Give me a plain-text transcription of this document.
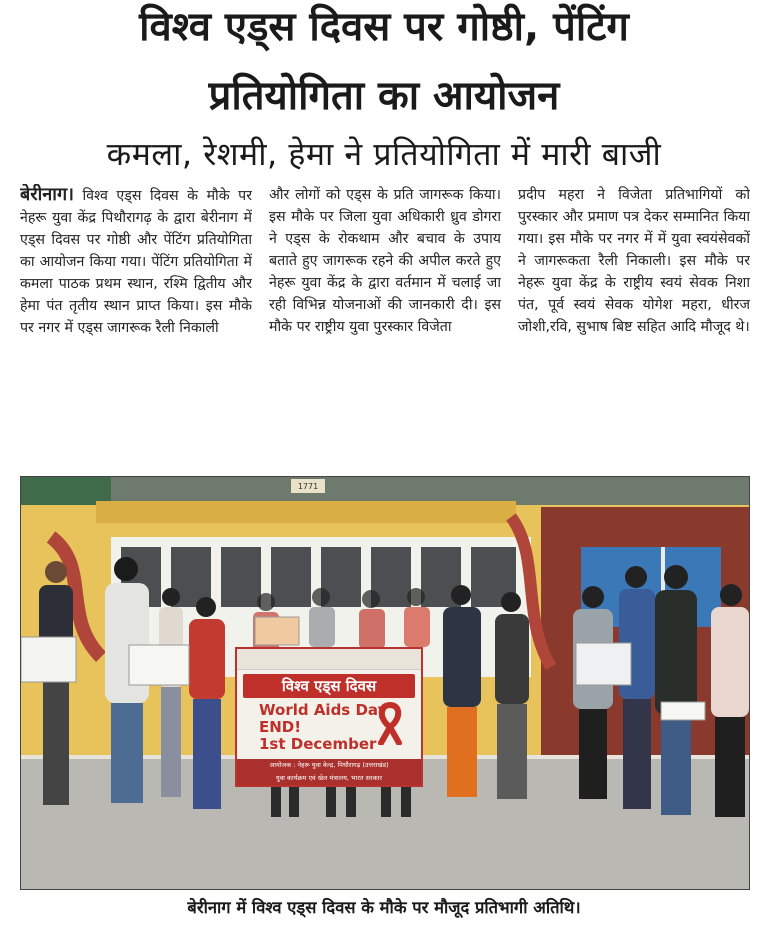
विश्व एड्स दिवस पर गोष्ठी, पेंटिंग
प्रतियोगिता का आयोजन
कमला, रेशमी, हेमा ने प्रतियोगिता में मारी बाजी
बेरीनाग। विश्व एड्स दिवस के मौके पर नेहरू युवा केंद्र पिथौरागढ़ के द्वारा बेरीनाग में एड्स दिवस पर गोष्ठी और पेंटिंग प्रतियोगिता का आयोजन किया गया। पेंटिंग प्रतियोगिता में कमला पाठक प्रथम स्थान, रश्मि द्वितीय और हेमा पंत तृतीय स्थान प्राप्त किया। इस मौके पर नगर में एड्स जागरूक रैली निकाली
और लोगों को एड्स के प्रति जागरूक किया। इस मौके पर जिला युवा अधिकारी ध्रुव डोगरा ने एड्स के रोकथाम और बचाव के उपाय बताते हुए जागरूक रहने की अपील करते हुए नेहरू युवा केंद्र के द्वारा वर्तमान में चलाई जा रही विभिन्न योजनाओं की जानकारी दी। इस मौके पर राष्ट्रीय युवा पुरस्कार विजेता
प्रदीप महरा ने विजेता प्रतिभागियों को पुरस्कार और प्रमाण पत्र देकर सम्मानित किया गया। इस मौके पर नगर में में युवा स्वयंसेवकों ने जागरूकता रैली निकाली। इस मौके पर नेहरू युवा केंद्र के राष्ट्रीय स्वयं सेवक निशा पंत, पूर्व स्वयं सेवक योगेश महरा, धीरज जोशी,रवि, सुभाष बिष्ट सहित आदि मौजूद थे।
1771
विश्व एड्स दिवस
World Aids Day
END!
1st December
आयोजक : नेहरू युवा केन्द्र, पिथौरागढ़ (उत्तराखंड)
युवा कार्यक्रम एवं खेल मंत्रालय, भारत सरकार
बेरीनाग में विश्व एड्स दिवस के मौके पर मौजूद प्रतिभागी अतिथि।
